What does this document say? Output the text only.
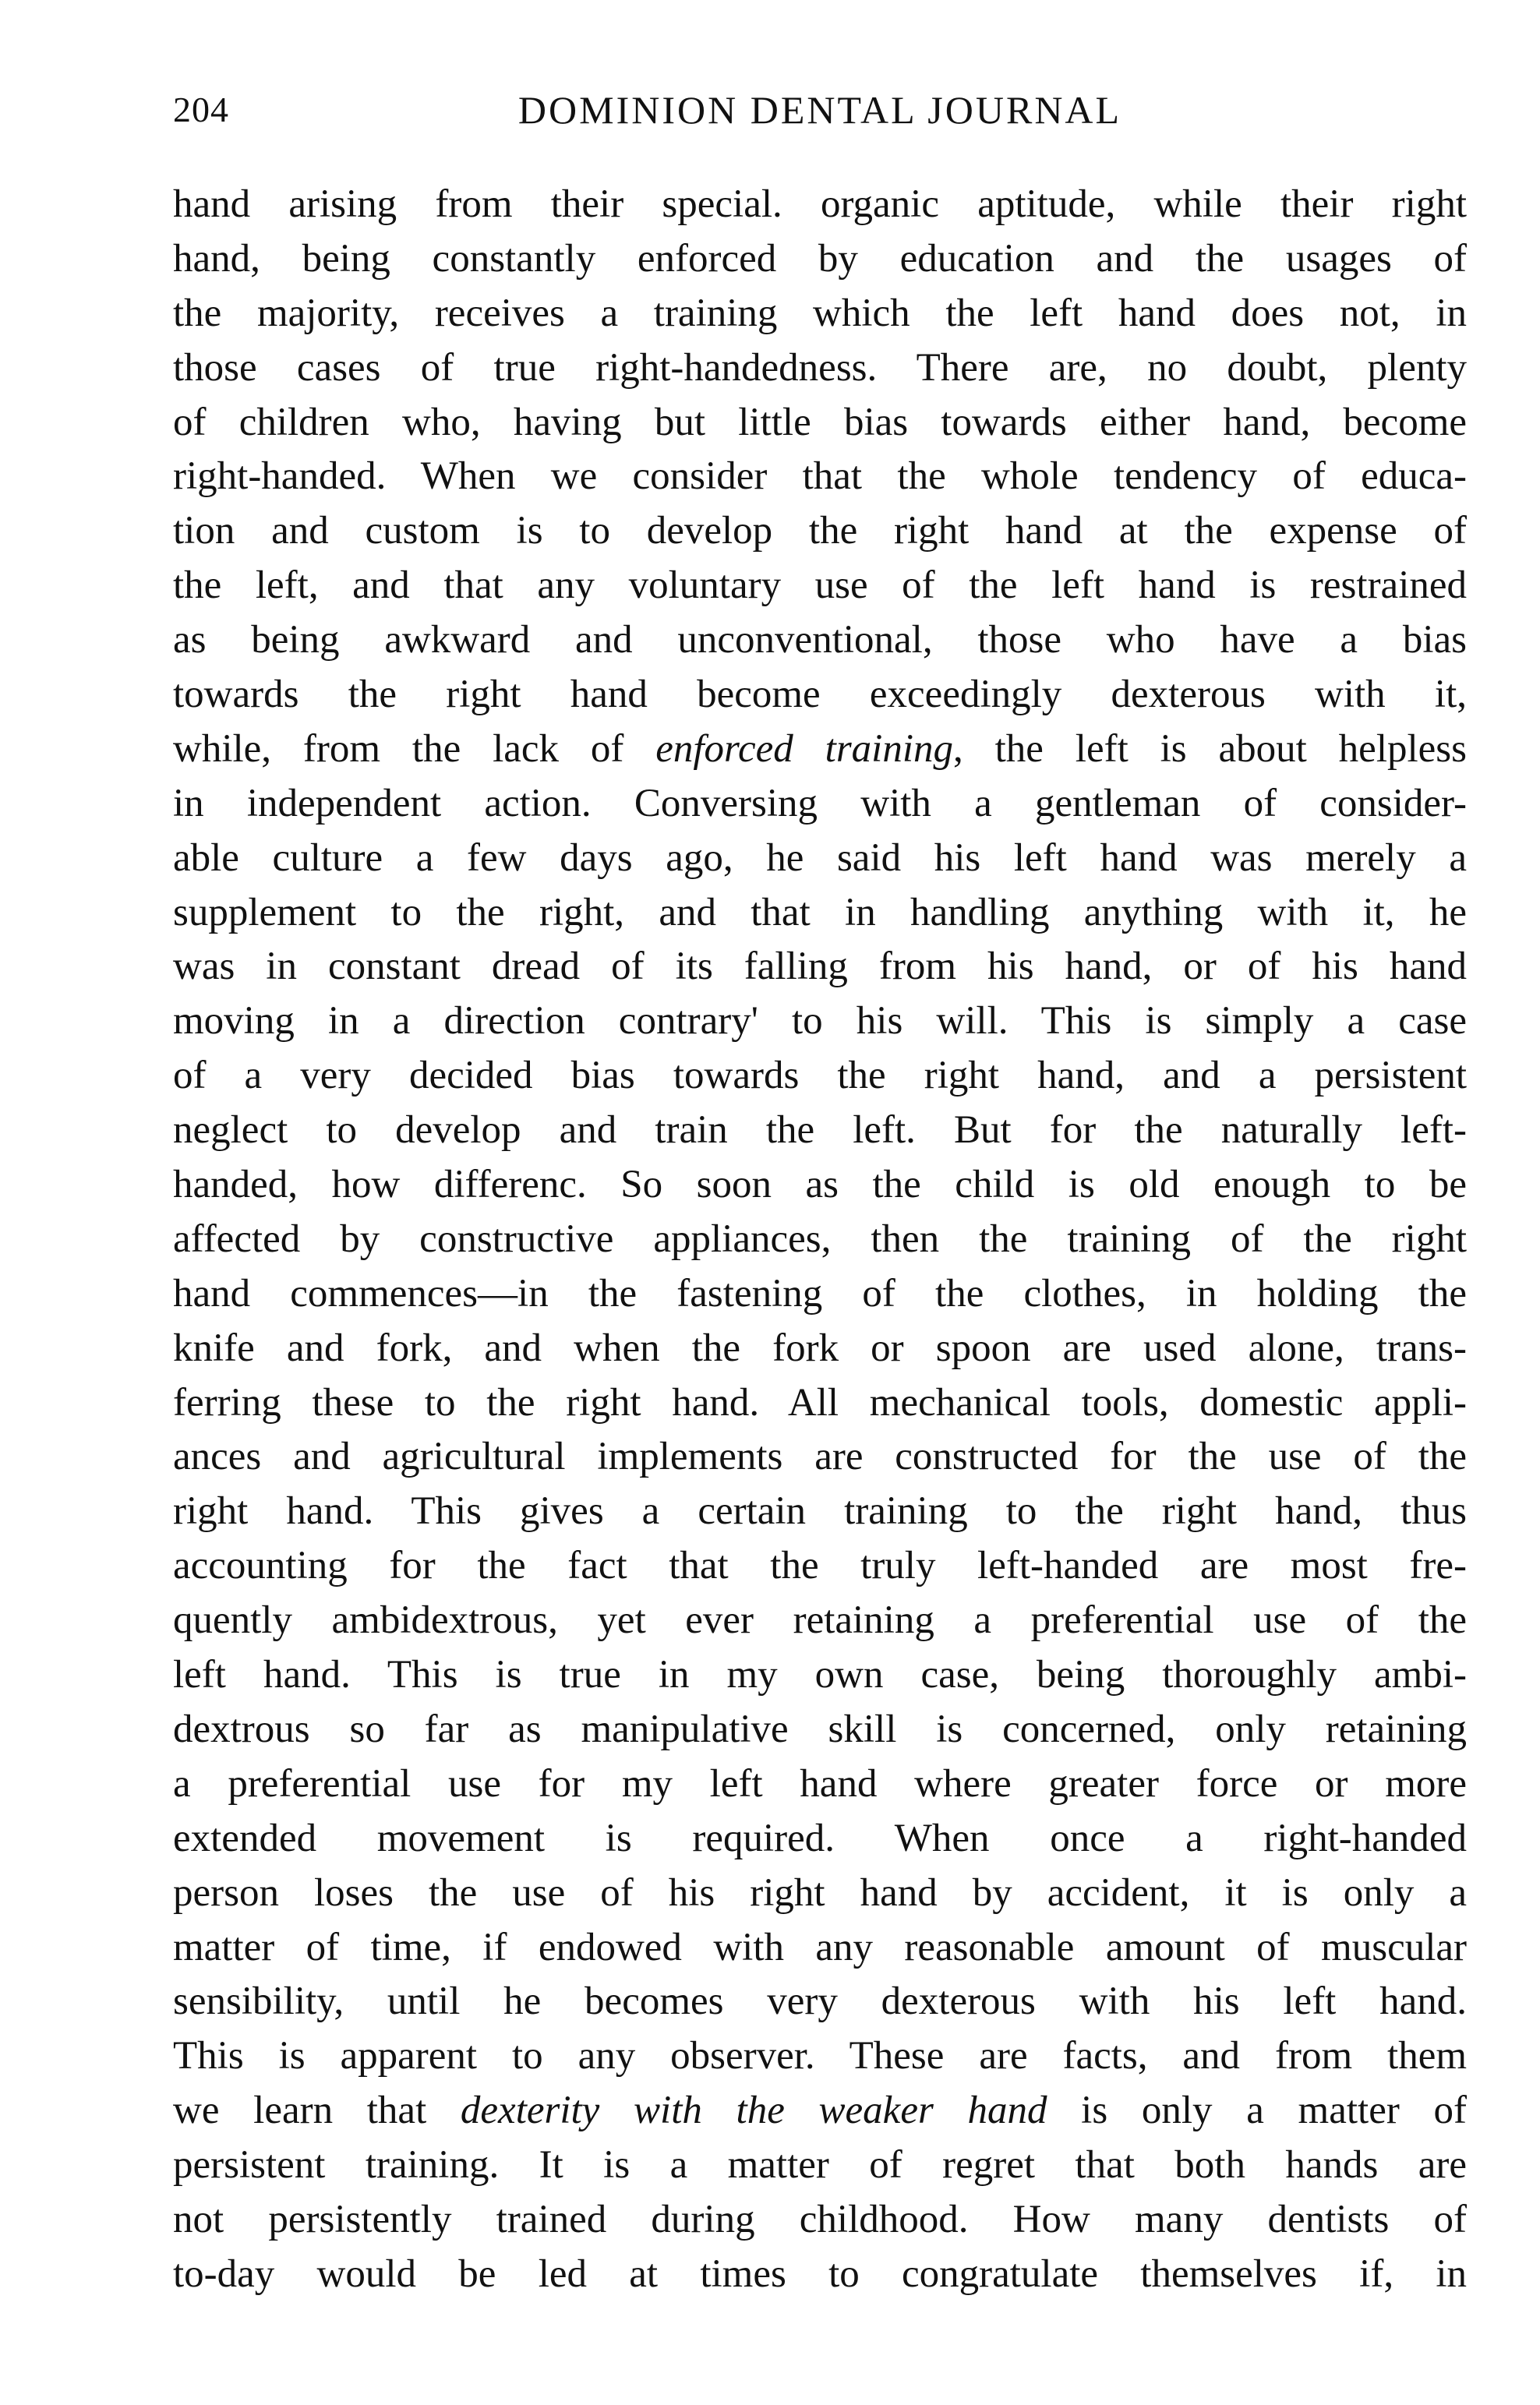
204	DOMINION DENTAL JOURNAL
hand arising from their special. organic aptitude, while their right
hand, being constantly enforced by education and the usages of
the majority, receives a training which the left hand does not, in
those cases of true right-handedness. There are, no doubt, plenty
of children who, having but little bias towards either hand, become
right-handed. When we consider that the whole tendency of educa-
tion and custom is to develop the right hand at the expense of
the left, and that any voluntary use of the left hand is restrained
as being awkward and unconventional, those who have a bias
towards the right hand become exceedingly dexterous with it,
while, from the lack of enforced training, the left is about helpless
in independent action. Conversing with a gentleman of consider-
able culture a few days ago, he said his left hand was merely a
supplement to the right, and that in handling anything with it, he
was in constant dread of its falling from his hand, or of his hand
moving in a direction contrary' to his will. This is simply a case
of a very decided bias towards the right hand, and a persistent
neglect to develop and train the left. But for the naturally left-
handed, how differenc. So soon as the child is old enough to be
affected by constructive appliances, then the training of the right
hand commences—in the fastening of the clothes, in holding the
knife and fork, and when the fork or spoon are used alone, trans-
ferring these to the right hand. All mechanical tools, domestic appli-
ances and agricultural implements are constructed for the use of the
right hand. This gives a certain training to the right hand, thus
accounting for the fact that the truly left-handed are most fre-
quently ambidextrous, yet ever retaining a preferential use of the
left hand. This is true in my own case, being thoroughly ambi-
dextrous so far as manipulative skill is concerned, only retaining
a preferential use for my left hand where greater force or more
extended movement is required. When once a right-handed
person loses the use of his right hand by accident, it is only a
matter of time, if endowed with any reasonable amount of muscular
sensibility, until he becomes very dexterous with his left hand.
This is apparent to any observer. These are facts, and from them
we learn that dexterity with the weaker hand is only a matter of
persistent training. It is a matter of regret that both hands are
not persistently trained during childhood. How many dentists of
to-day would be led at times to congratulate themselves if, in
